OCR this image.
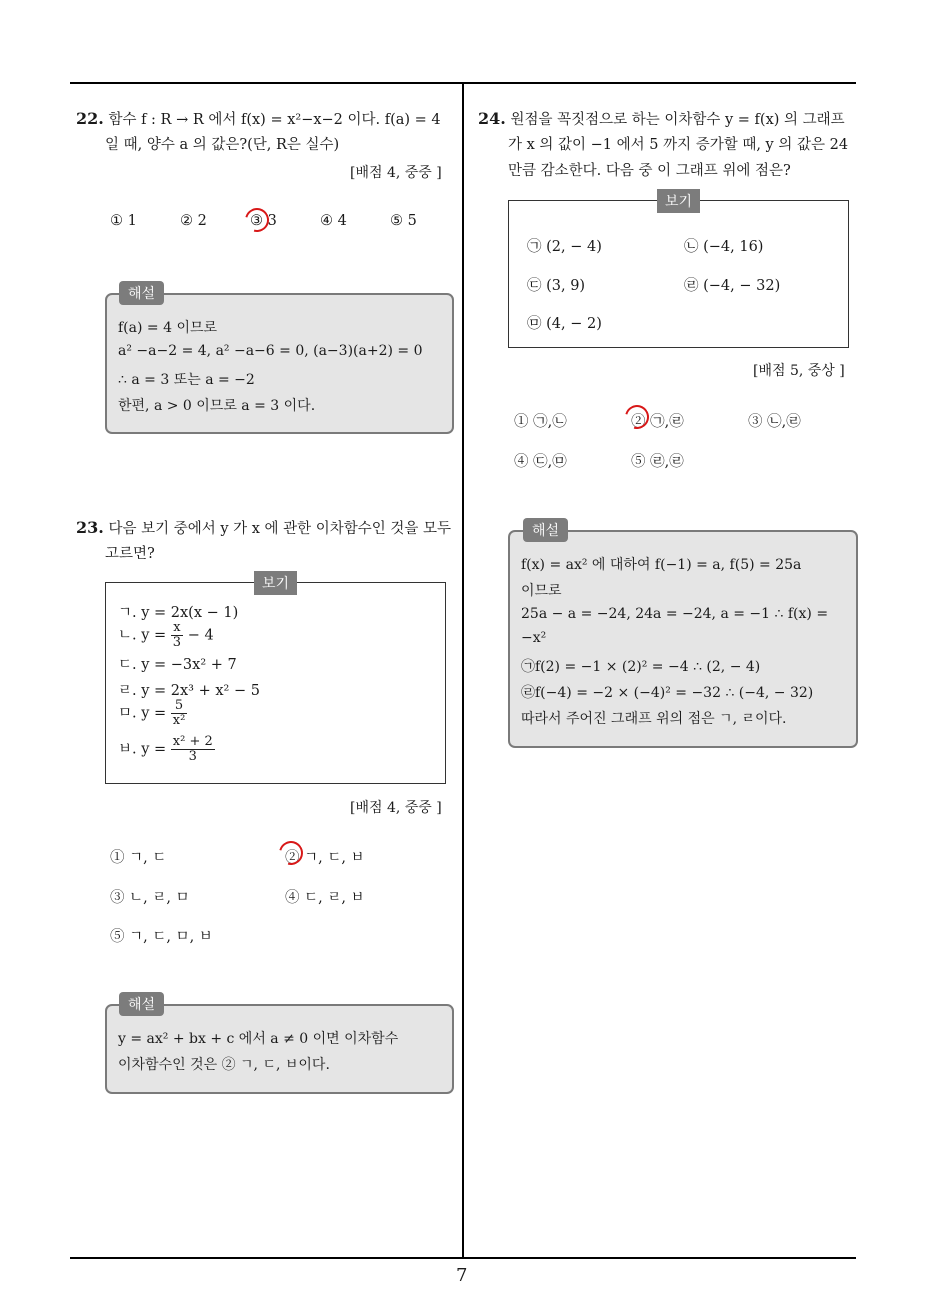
7
22. 함수 f : R → R 에서 f(x) = x²−x−2 이다. f(a) = 4
일 때, 양수 a 의 값은?(단, R은 실수)
[배점 4, 중중 ]
① 1	② 2	③ 3	④ 4	⑤ 5
f(a) = 4 이므로
a² −a−2 = 4, a² −a−6 = 0, (a−3)(a+2) = 0
∴ a = 3 또는 a = −2
한편, a > 0 이므로 a = 3 이다.
해설
23. 다음 보기 중에서 y 가 x 에 관한 이차함수인 것을 모두
고르면?
ㄱ. y = 2x(x − 1)
ㄴ. $y = \frac{x}{3} - 4$
ㄷ. y = −3x² + 7
ㄹ. y = 2x³ + x² − 5
ㅁ. $y = \frac{5}{\text{x²}}$
ㅂ. $y = \frac{\text{x² + 2}}{3}$
보기
[배점 4, 중중 ]
① ㄱ, ㄷ	② ㄱ, ㄷ, ㅂ
③ ㄴ, ㄹ, ㅁ	④ ㄷ, ㄹ, ㅂ
⑤ ㄱ, ㄷ, ㅁ, ㅂ
y = ax² + bx + c 에서 a ≠ 0 이면 이차함수
이차함수인 것은 ② ㄱ, ㄷ, ㅂ이다.
해설
24. 원점을 꼭짓점으로 하는 이차함수 y = f(x) 의 그래프
가 x 의 값이 −1 에서 5 까지 증가할 때, y 의 값은 24
만큼 감소한다. 다음 중 이 그래프 위에 점은?
㉠ (2, − 4)	㉡ (−4, 16)
㉢ (3, 9)	㉣ (−4, − 32)
㉤ (4, − 2)
보기
[배점 5, 중상 ]
① ㉠,㉡	② ㉠,㉣	③ ㉡,㉣
④ ㉢,㉤	⑤ ㉣,㉣
f(x) = ax² 에 대하여 f(−1) = a, f(5) = 25a
이므로
25a − a = −24, 24a = −24, a = −1 ∴ f(x) =
−x²
㉠f(2) = −1 × (2)² = −4 ∴ (2, − 4)
㉣f(−4) = −2 × (−4)² = −32 ∴ (−4, − 32)
따라서 주어진 그래프 위의 점은 ㄱ, ㄹ이다.
해설
